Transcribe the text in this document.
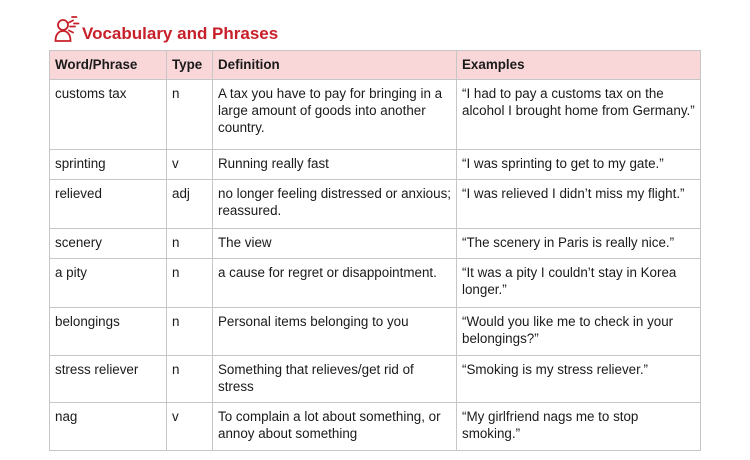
Vocabulary and Phrases
Word/Phrase	Type	Definition	Examples
customs tax	n	A tax you have to pay for bringing in a large amount of goods into another country.	“I had to pay a customs tax on the alcohol I brought home from Germany.”
sprinting	v	Running really fast	“I was sprinting to get to my gate.”
relieved	adj	no longer feeling distressed or anxious; reassured.	“I was relieved I didn’t miss my flight.”
scenery	n	The view	“The scenery in Paris is really nice.”
a pity	n	a cause for regret or disappointment.	“It was a pity I couldn’t stay in Korea longer.”
belongings	n	Personal items belonging to you	“Would you like me to check in your belongings?”
stress reliever	n	Something that relieves/get rid of stress	“Smoking is my stress reliever.”
nag	v	To complain a lot about something, or annoy about something	“My girlfriend nags me to stop smoking.”
